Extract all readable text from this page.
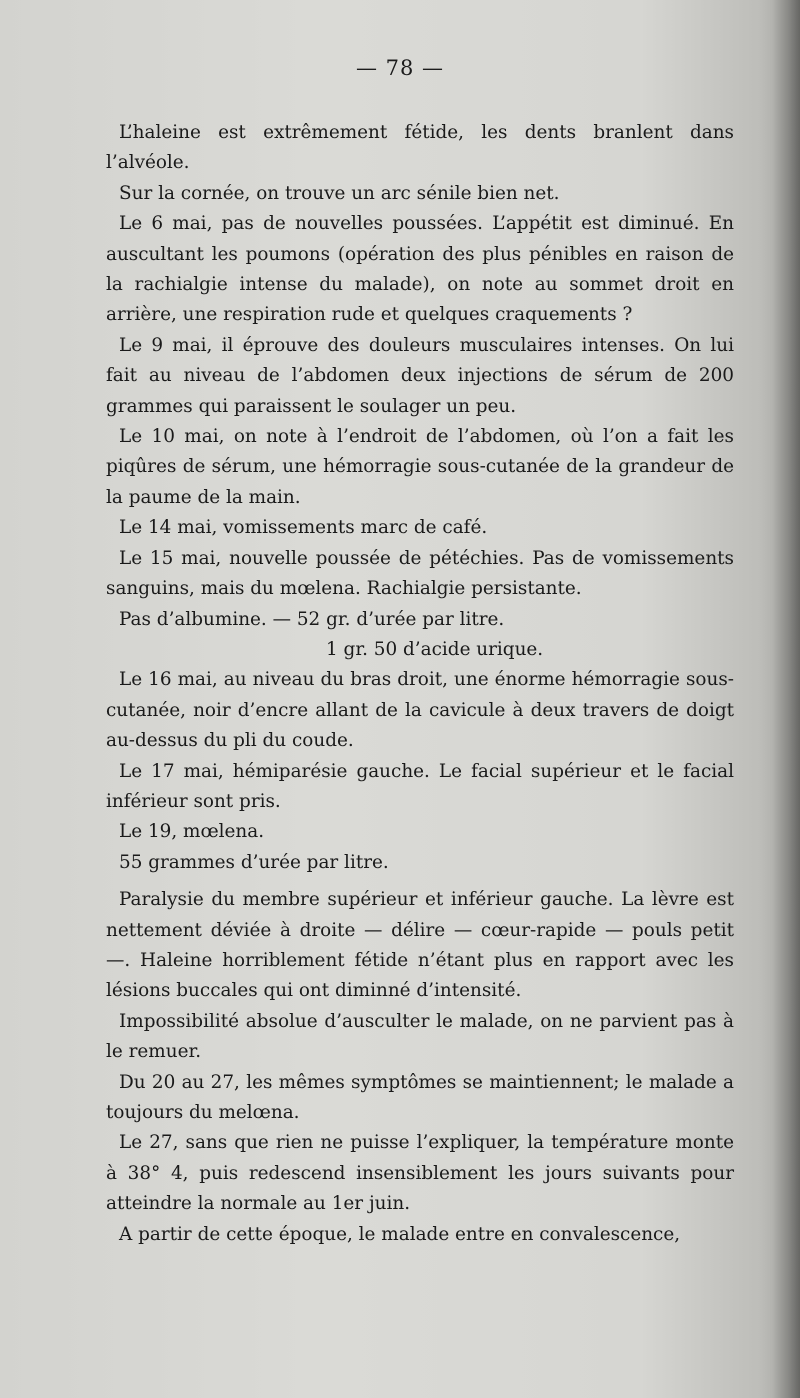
— 78 —

L’haleine est extrêmement fétide, les dents branlent dans l’alvéole.

Sur la cornée, on trouve un arc sénile bien net.

Le 6 mai, pas de nouvelles poussées. L’appétit est diminué. En auscultant les poumons (opération des plus pénibles en raison de la rachialgie intense du malade), on note au sommet droit en arrière, une respiration rude et quelques craquements ?

Le 9 mai, il éprouve des douleurs musculaires intenses. On lui fait au niveau de l’abdomen deux injections de sérum de 200 grammes qui paraissent le soulager un peu.

Le 10 mai, on note à l’endroit de l’abdomen, où l’on a fait les piqûres de sérum, une hémorragie sous-cutanée de la grandeur de la paume de la main.

Le 14 mai, vomissements marc de café.

Le 15 mai, nouvelle poussée de pétéchies. Pas de vomissements sanguins, mais du mœlena. Rachialgie persistante.

Pas d’albumine. — 52 gr. d’urée par litre.

1 gr. 50 d’acide urique.

Le 16 mai, au niveau du bras droit, une énorme hémorragie sous-cutanée, noir d’encre allant de la cavicule à deux travers de doigt au-dessus du pli du coude.

Le 17 mai, hémiparésie gauche. Le facial supérieur et le facial inférieur sont pris.

Le 19, mœlena.

55 grammes d’urée par litre.

Paralysie du membre supérieur et inférieur gauche. La lèvre est nettement déviée à droite — délire — cœur-rapide — pouls petit —. Haleine horriblement fétide n’étant plus en rapport avec les lésions buccales qui ont diminné d’intensité.

Impossibilité absolue d’ausculter le malade, on ne parvient pas à le remuer.

Du 20 au 27, les mêmes symptômes se maintiennent; le malade a toujours du melœna.

Le 27, sans que rien ne puisse l’expliquer, la température monte à 38° 4, puis redescend insensiblement les jours suivants pour atteindre la normale au 1er juin.

A partir de cette époque, le malade entre en convalescence,
